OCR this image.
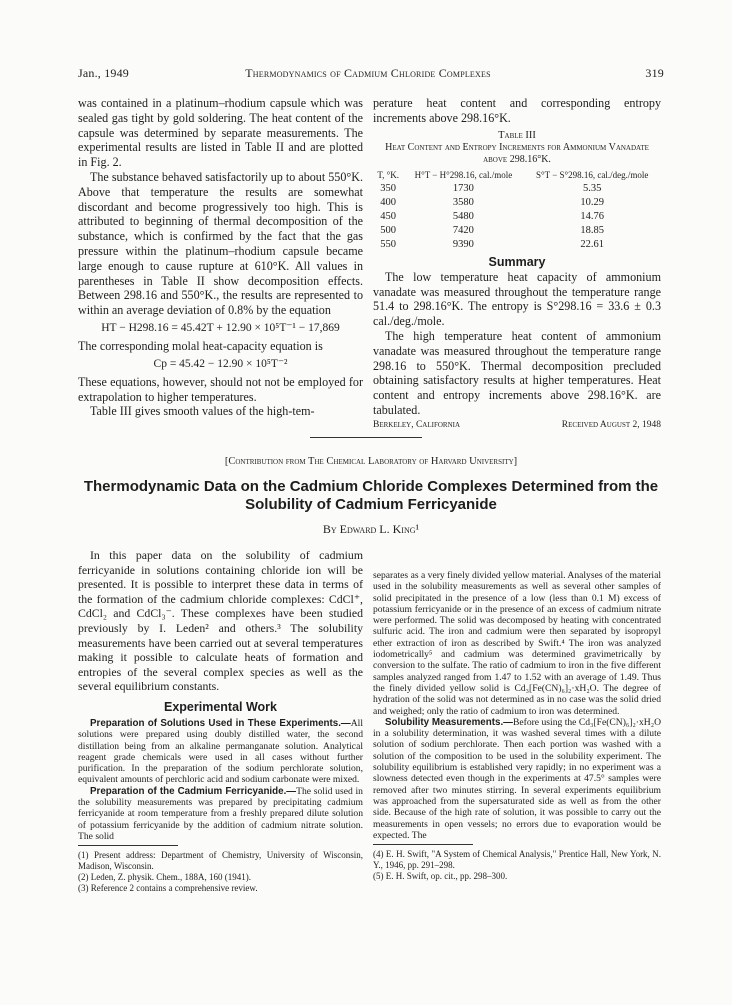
Jan., 1949	Thermodynamics of Cadmium Chloride Complexes	319

was contained in a platinum–rhodium capsule which was sealed gas tight by gold soldering. The heat content of the capsule was determined by separate measurements. The experimental results are listed in Table II and are plotted in Fig. 2.

The substance behaved satisfactorily up to about 550°K. Above that temperature the results are somewhat discordant and become progressively too high. This is attributed to beginning of thermal decomposition of the substance, which is confirmed by the fact that the gas pressure within the platinum–rhodium capsule became large enough to cause rupture at 610°K. All values in parentheses in Table II show decomposition effects. Between 298.16 and 550°K., the results are represented to within an average deviation of 0.8% by the equation

HT − H298.16 = 45.42T + 12.90 × 10⁵T⁻¹ − 17,869

The corresponding molal heat-capacity equation is

Cp = 45.42 − 12.90 × 10⁵T⁻²

These equations, however, should not not be employed for extrapolation to higher temperatures.

Table III gives smooth values of the high-tem-

perature heat content and corresponding entropy increments above 298.16°K.

Table III

Heat Content and Entropy Increments for Ammonium Vanadate above 298.16°K.

T, °K.	H°T − H°298.16, cal./mole	S°T − S°298.16, cal./deg./mole
350	1730	5.35
400	3580	10.29
450	5480	14.76
500	7420	18.85
550	9390	22.61

Summary

The low temperature heat capacity of ammonium vanadate was measured throughout the temperature range 51.4 to 298.16°K. The entropy is S°298.16 = 33.6 ± 0.3 cal./deg./mole.

The high temperature heat content of ammonium vanadate was measured throughout the temperature range 298.16 to 550°K. Thermal decomposition precluded obtaining satisfactory results at higher temperatures. Heat content and entropy increments above 298.16°K. are tabulated.

Berkeley, California	Received August 2, 1948
[Contribution from The Chemical Laboratory of Harvard University]
Thermodynamic Data on the Cadmium Chloride Complexes Determined from the Solubility of Cadmium Ferricyanide
By Edward L. King¹

In this paper data on the solubility of cadmium ferricyanide in solutions containing chloride ion will be presented. It is possible to interpret these data in terms of the formation of the cadmium chloride complexes: CdCl⁺, CdCl₂ and CdCl₃⁻. These complexes have been studied previously by I. Leden² and others.³ The solubility measurements have been carried out at several temperatures making it possible to calculate heats of formation and entropies of the several complex species as well as the several equilibrium constants.

Experimental Work

Preparation of Solutions Used in These Experiments.—All solutions were prepared using doubly distilled water, the second distillation being from an alkaline permanganate solution. Analytical reagent grade chemicals were used in all cases without further purification. In the preparation of the sodium perchlorate solution, equivalent amounts of perchloric acid and sodium carbonate were mixed.

Preparation of the Cadmium Ferricyanide.—The solid used in the solubility measurements was prepared by precipitating cadmium ferricyanide at room temperature from a freshly prepared dilute solution of potassium ferricyanide by the addition of cadmium nitrate solution. The solid

(1) Present address: Department of Chemistry, University of Wisconsin, Madison, Wisconsin.

(2) Leden, Z. physik. Chem., 188A, 160 (1941).

(3) Reference 2 contains a comprehensive review.

separates as a very finely divided yellow material. Analyses of the material used in the solubility measurements as well as several other samples of solid precipitated in the presence of a low (less than 0.1 M) excess of potassium ferricyanide or in the presence of an excess of cadmium nitrate were performed. The solid was decomposed by heating with concentrated sulfuric acid. The iron and cadmium were then separated by isopropyl ether extraction of iron as described by Swift.⁴ The iron was analyzed iodometrically⁵ and cadmium was determined gravimetrically by conversion to the sulfate. The ratio of cadmium to iron in the five different samples analyzed ranged from 1.47 to 1.52 with an average of 1.49. Thus the finely divided yellow solid is Cd₃[Fe(CN)₆]₂·xH₂O. The degree of hydration of the solid was not determined as in no case was the solid dried and weighed; only the ratio of cadmium to iron was determined.

Solubility Measurements.—Before using the Cd₃[Fe(CN)₆]₂·xH₂O in a solubility determination, it was washed several times with a dilute solution of sodium perchlorate. Then each portion was washed with a solution of the composition to be used in the solubility experiment. The solubility equilibrium is established very rapidly; in no experiment was a slowness detected even though in the experiments at 47.5° samples were removed after two minutes stirring. In several experiments equilibrium was approached from the supersaturated side as well as from the other side. Because of the high rate of solution, it was possible to carry out the measurements in open vessels; no errors due to evaporation would be expected. The

(4) E. H. Swift, "A System of Chemical Analysis," Prentice Hall, New York, N. Y., 1946, pp. 291–298.

(5) E. H. Swift, op. cit., pp. 298–300.
